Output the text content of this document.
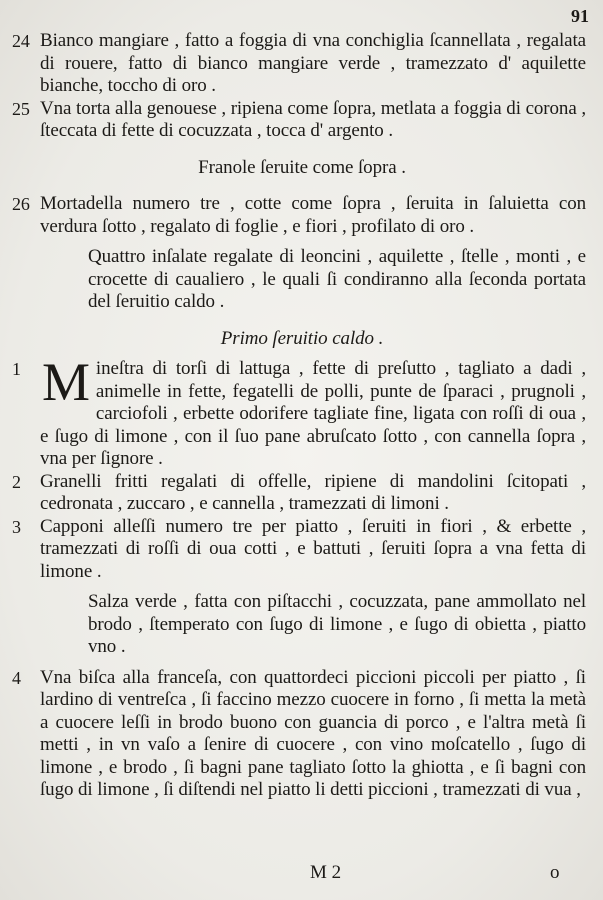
91
24 Bianco mangiare , fatto a foggia di vna conchiglia ſcannellata , regalata di rouere, fatto di bianco mangiare verde , tramezzato d' aquilette bianche, toccho di oro .

25 Vna torta alla genouese , ripiena come ſopra, metlata a foggia di corona , ſteccata di fette di cocuzzata , tocca d' argento .

Franole ſeruite come ſopra .

26 Mortadella numero tre , cotte come ſopra , ſeruita in ſaluietta con verdura ſotto , regalato di foglie , e fiori , profilato di oro .

Quattro inſalate regalate di leoncini , aquilette , ſtelle , monti , e crocette di caualiero , le quali ſi condiranno alla ſeconda portata del ſeruitio caldo .

Primo ſeruitio caldo .

1 Mineſtra di torſi di lattuga , fette di preſutto , tagliato a dadi , animelle in fette, fegatelli de polli, punte de ſparaci , prugnoli , carciofoli , erbette odorifere tagliate fine, ligata con roſſi di oua , e ſugo di limone , con il ſuo pane abruſcato ſotto , con cannella ſopra , vna per ſignore .

2 Granelli fritti regalati di offelle, ripiene di mandolini ſcitopati , cedronata , zuccaro , e cannella , tramezzati di limoni .

3 Capponi alleſſi numero tre per piatto , ſeruiti in fiori , & erbette , tramezzati di roſſi di oua cotti , e battuti , ſeruiti ſopra a vna fetta di limone .

Salza verde , fatta con piſtacchi , cocuzzata, pane ammollato nel brodo , ſtemperato con ſugo di limone , e ſugo di obietta , piatto vno .

4 Vna biſca alla franceſa, con quattordeci piccioni piccoli per piatto , ſi lardino di ventreſca , ſi faccino mezzo cuocere in forno , ſi metta la metà a cuocere leſſi in brodo buono con guancia di porco , e l'altra metà ſi metti , in vn vaſo a ſenire di cuocere , con vino moſcatello , ſugo di limone , e brodo , ſi bagni pane tagliato ſotto la ghiotta , e ſi bagni con ſugo di limone , ſi diſtendi nel piatto li detti piccioni , tramezzati di vua ,

M 2	o
